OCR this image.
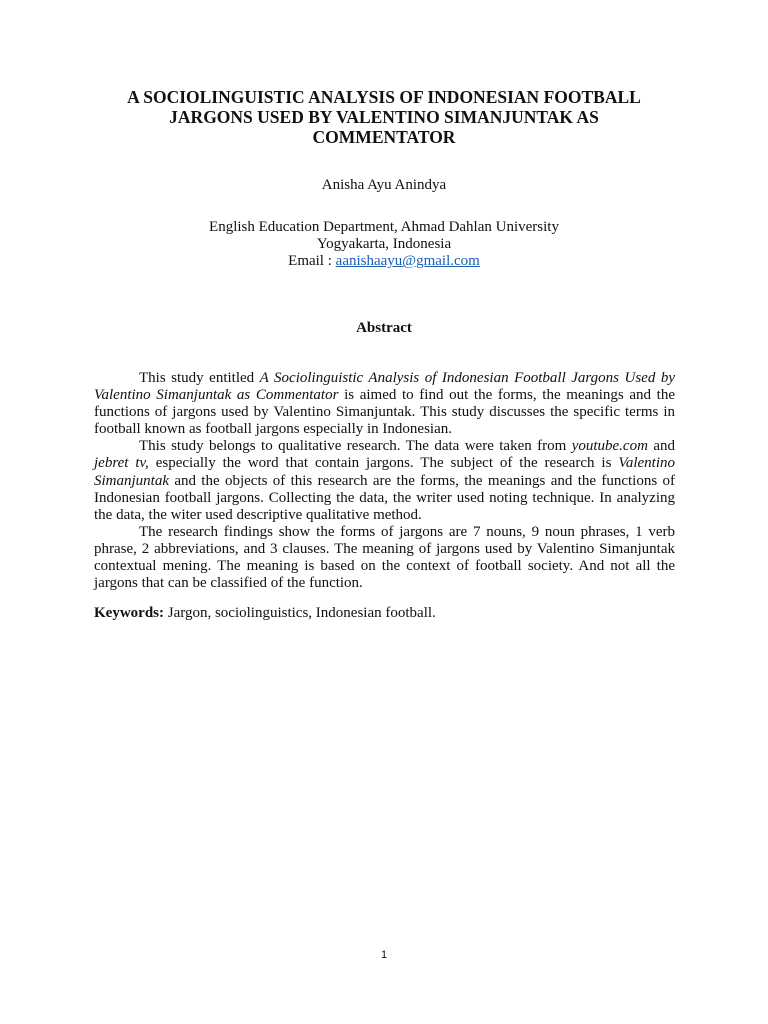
A SOCIOLINGUISTIC ANALYSIS OF INDONESIAN FOOTBALL
JARGONS USED BY VALENTINO SIMANJUNTAK AS
COMMENTATOR
Anisha Ayu Anindya
English Education Department, Ahmad Dahlan University
Yogyakarta, Indonesia
Email : aanishaayu@gmail.com
Abstract

This study entitled A Sociolinguistic Analysis of Indonesian Football Jargons Used by Valentino Simanjuntak as Commentator is aimed to find out the forms, the meanings and the functions of jargons used by Valentino Simanjuntak. This study discusses the specific terms in football known as football jargons especially in Indonesian.

This study belongs to qualitative research. The data were taken from youtube.com and jebret tv, especially the word that contain jargons. The subject of the research is Valentino Simanjuntak and the objects of this research are the forms, the meanings and the functions of Indonesian football jargons. Collecting the data, the writer used noting technique. In analyzing the data, the witer used descriptive qualitative method.

The research findings show the forms of jargons are 7 nouns, 9 noun phrases, 1 verb phrase, 2 abbreviations, and 3 clauses. The meaning of jargons used by Valentino Simanjuntak contextual mening. The meaning is based on the context of football society. And not all the jargons that can be classified of the function.

Keywords: Jargon, sociolinguistics, Indonesian football.
1
